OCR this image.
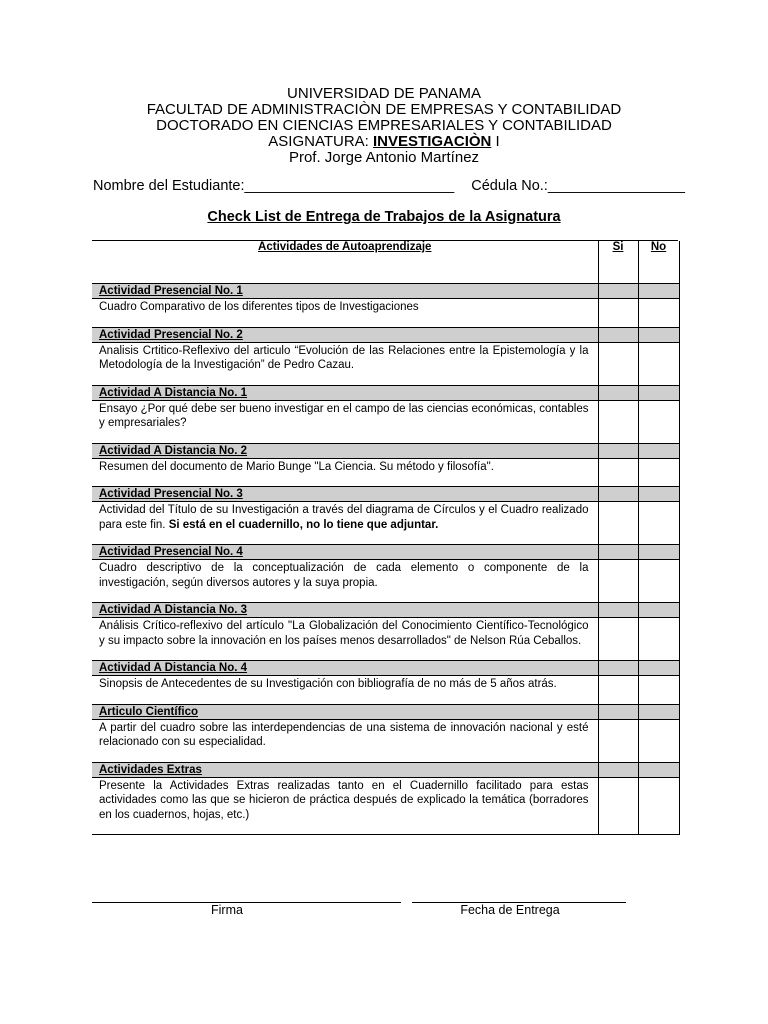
UNIVERSIDAD DE PANAMA
FACULTAD DE ADMINISTRACIÒN DE EMPRESAS Y CONTABILIDAD
DOCTORADO EN CIENCIAS EMPRESARIALES Y CONTABILIDAD
ASIGNATURA: INVESTIGACIÒN I
Prof. Jorge Antonio Martínez
Nombre del Estudiante:__________________________ Cédula No.:_________________
Check List de Entrega de Trabajos de la Asignatura
Actividades de Autoaprendizaje	Si	No
Actividad Presencial No. 1		
Cuadro Comparativo de los diferentes tipos de Investigaciones		
Actividad Presencial No. 2		
Analisis Crtitico-Reflexivo del articulo “Evolución de las Relaciones entre la Epistemología y la Metodología de la Investigación” de Pedro Cazau.		
Actividad A Distancia No. 1		
Ensayo ¿Por qué debe ser bueno investigar en el campo de las ciencias económicas, contables y empresariales?		
Actividad A Distancia No. 2		
Resumen del documento de Mario Bunge "La Ciencia. Su método y filosofía".		
Actividad Presencial No. 3		
Actividad del Título de su Investigación a través del diagrama de Círculos y el Cuadro realizado para este fin. Si está en el cuadernillo, no lo tiene que adjuntar.		
Actividad Presencial No. 4		
Cuadro descriptivo de la conceptualización de cada elemento o componente de la investigación, según diversos autores y la suya propia.		
Actividad A Distancia No. 3		
Análisis Crítico-reflexivo del artículo "La Globalización del Conocimiento Científico-Tecnológico y su impacto sobre la innovación en los países menos desarrollados" de Nelson Rúa Ceballos.		
Actividad A Distancia No. 4		
Sinopsis de Antecedentes de su Investigación con bibliografía de no más de 5 años atrás.		
Articulo Científico		
A partir del cuadro sobre las interdependencias de una sistema de innovación nacional y esté relacionado con su especialidad.		
Actividades Extras		
Presente la Actividades Extras realizadas tanto en el Cuadernillo facilitado para estas actividades como las que se hicieron de práctica después de explicado la temática (borradores en los cuadernos, hojas, etc.)		
Firma	Fecha de Entrega
